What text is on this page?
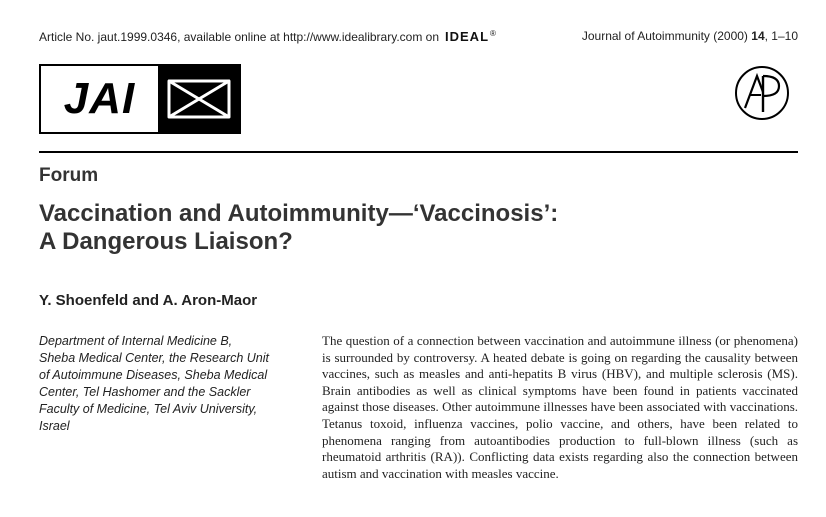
Article No. jaut.1999.0346, available online at http://www.idealibrary.com on IDEAL®	Journal of Autoimmunity (2000) 14, 1–10
JAI
Forum
Vaccination and Autoimmunity—‘Vaccinosis’:
A Dangerous Liaison?
Y. Shoenfeld and A. Aron-Maor
Department of Internal Medicine B,
Sheba Medical Center, the Research Unit
of Autoimmune Diseases, Sheba Medical
Center, Tel Hashomer and the Sackler
Faculty of Medicine, Tel Aviv University,
Israel

The question of a connection between vaccination and autoimmune illness (or phenomena) is surrounded by controversy. A heated debate is going on regarding the causality between vaccines, such as measles and anti-hepatits B virus (HBV), and multiple sclerosis (MS). Brain antibodies as well as clinical symptoms have been found in patients vaccinated against those diseases. Other autoimmune illnesses have been associated with vaccinations. Tetanus toxoid, influenza vaccines, polio vaccine, and others, have been related to phenomena ranging from autoantibodies production to full-blown illness (such as rheumatoid arthritis (RA)). Conflicting data exists regarding also the connection between autism and vaccination with measles vaccine.
